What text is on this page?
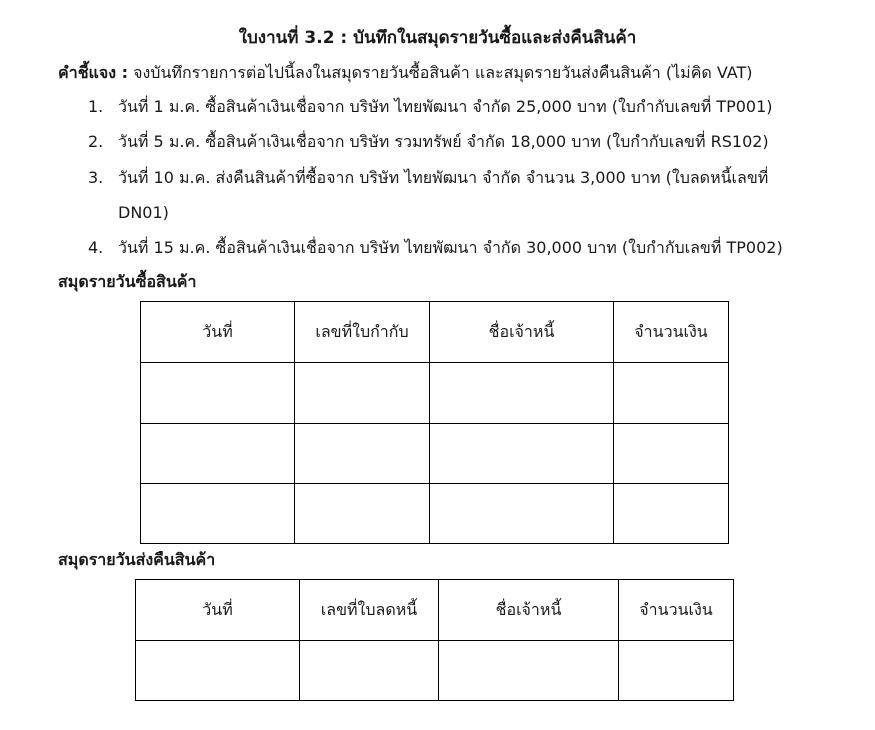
ใบงานที่ 3.2 : บันทึกในสมุดรายวันซื้อและส่งคืนสินค้า
คำชี้แจง : จงบันทึกรายการต่อไปนี้ลงในสมุดรายวันซื้อสินค้า และสมุดรายวันส่งคืนสินค้า (ไม่คิด VAT)
1. วันที่ 1 ม.ค. ซื้อสินค้าเงินเชื่อจาก บริษัท ไทยพัฒนา จำกัด 25,000 บาท (ใบกำกับเลขที่ TP001)
2. วันที่ 5 ม.ค. ซื้อสินค้าเงินเชื่อจาก บริษัท รวมทรัพย์ จำกัด 18,000 บาท (ใบกำกับเลขที่ RS102)
3. วันที่ 10 ม.ค. ส่งคืนสินค้าที่ซื้อจาก บริษัท ไทยพัฒนา จำกัด จำนวน 3,000 บาท (ใบลดหนี้เลขที่
DN01)
4. วันที่ 15 ม.ค. ซื้อสินค้าเงินเชื่อจาก บริษัท ไทยพัฒนา จำกัด 30,000 บาท (ใบกำกับเลขที่ TP002)
สมุดรายวันซื้อสินค้า
วันที่	เลขที่ใบกำกับ	ชื่อเจ้าหนี้	จำนวนเงิน

สมุดรายวันส่งคืนสินค้า
วันที่	เลขที่ใบลดหนี้	ชื่อเจ้าหนี้	จำนวนเงิน
